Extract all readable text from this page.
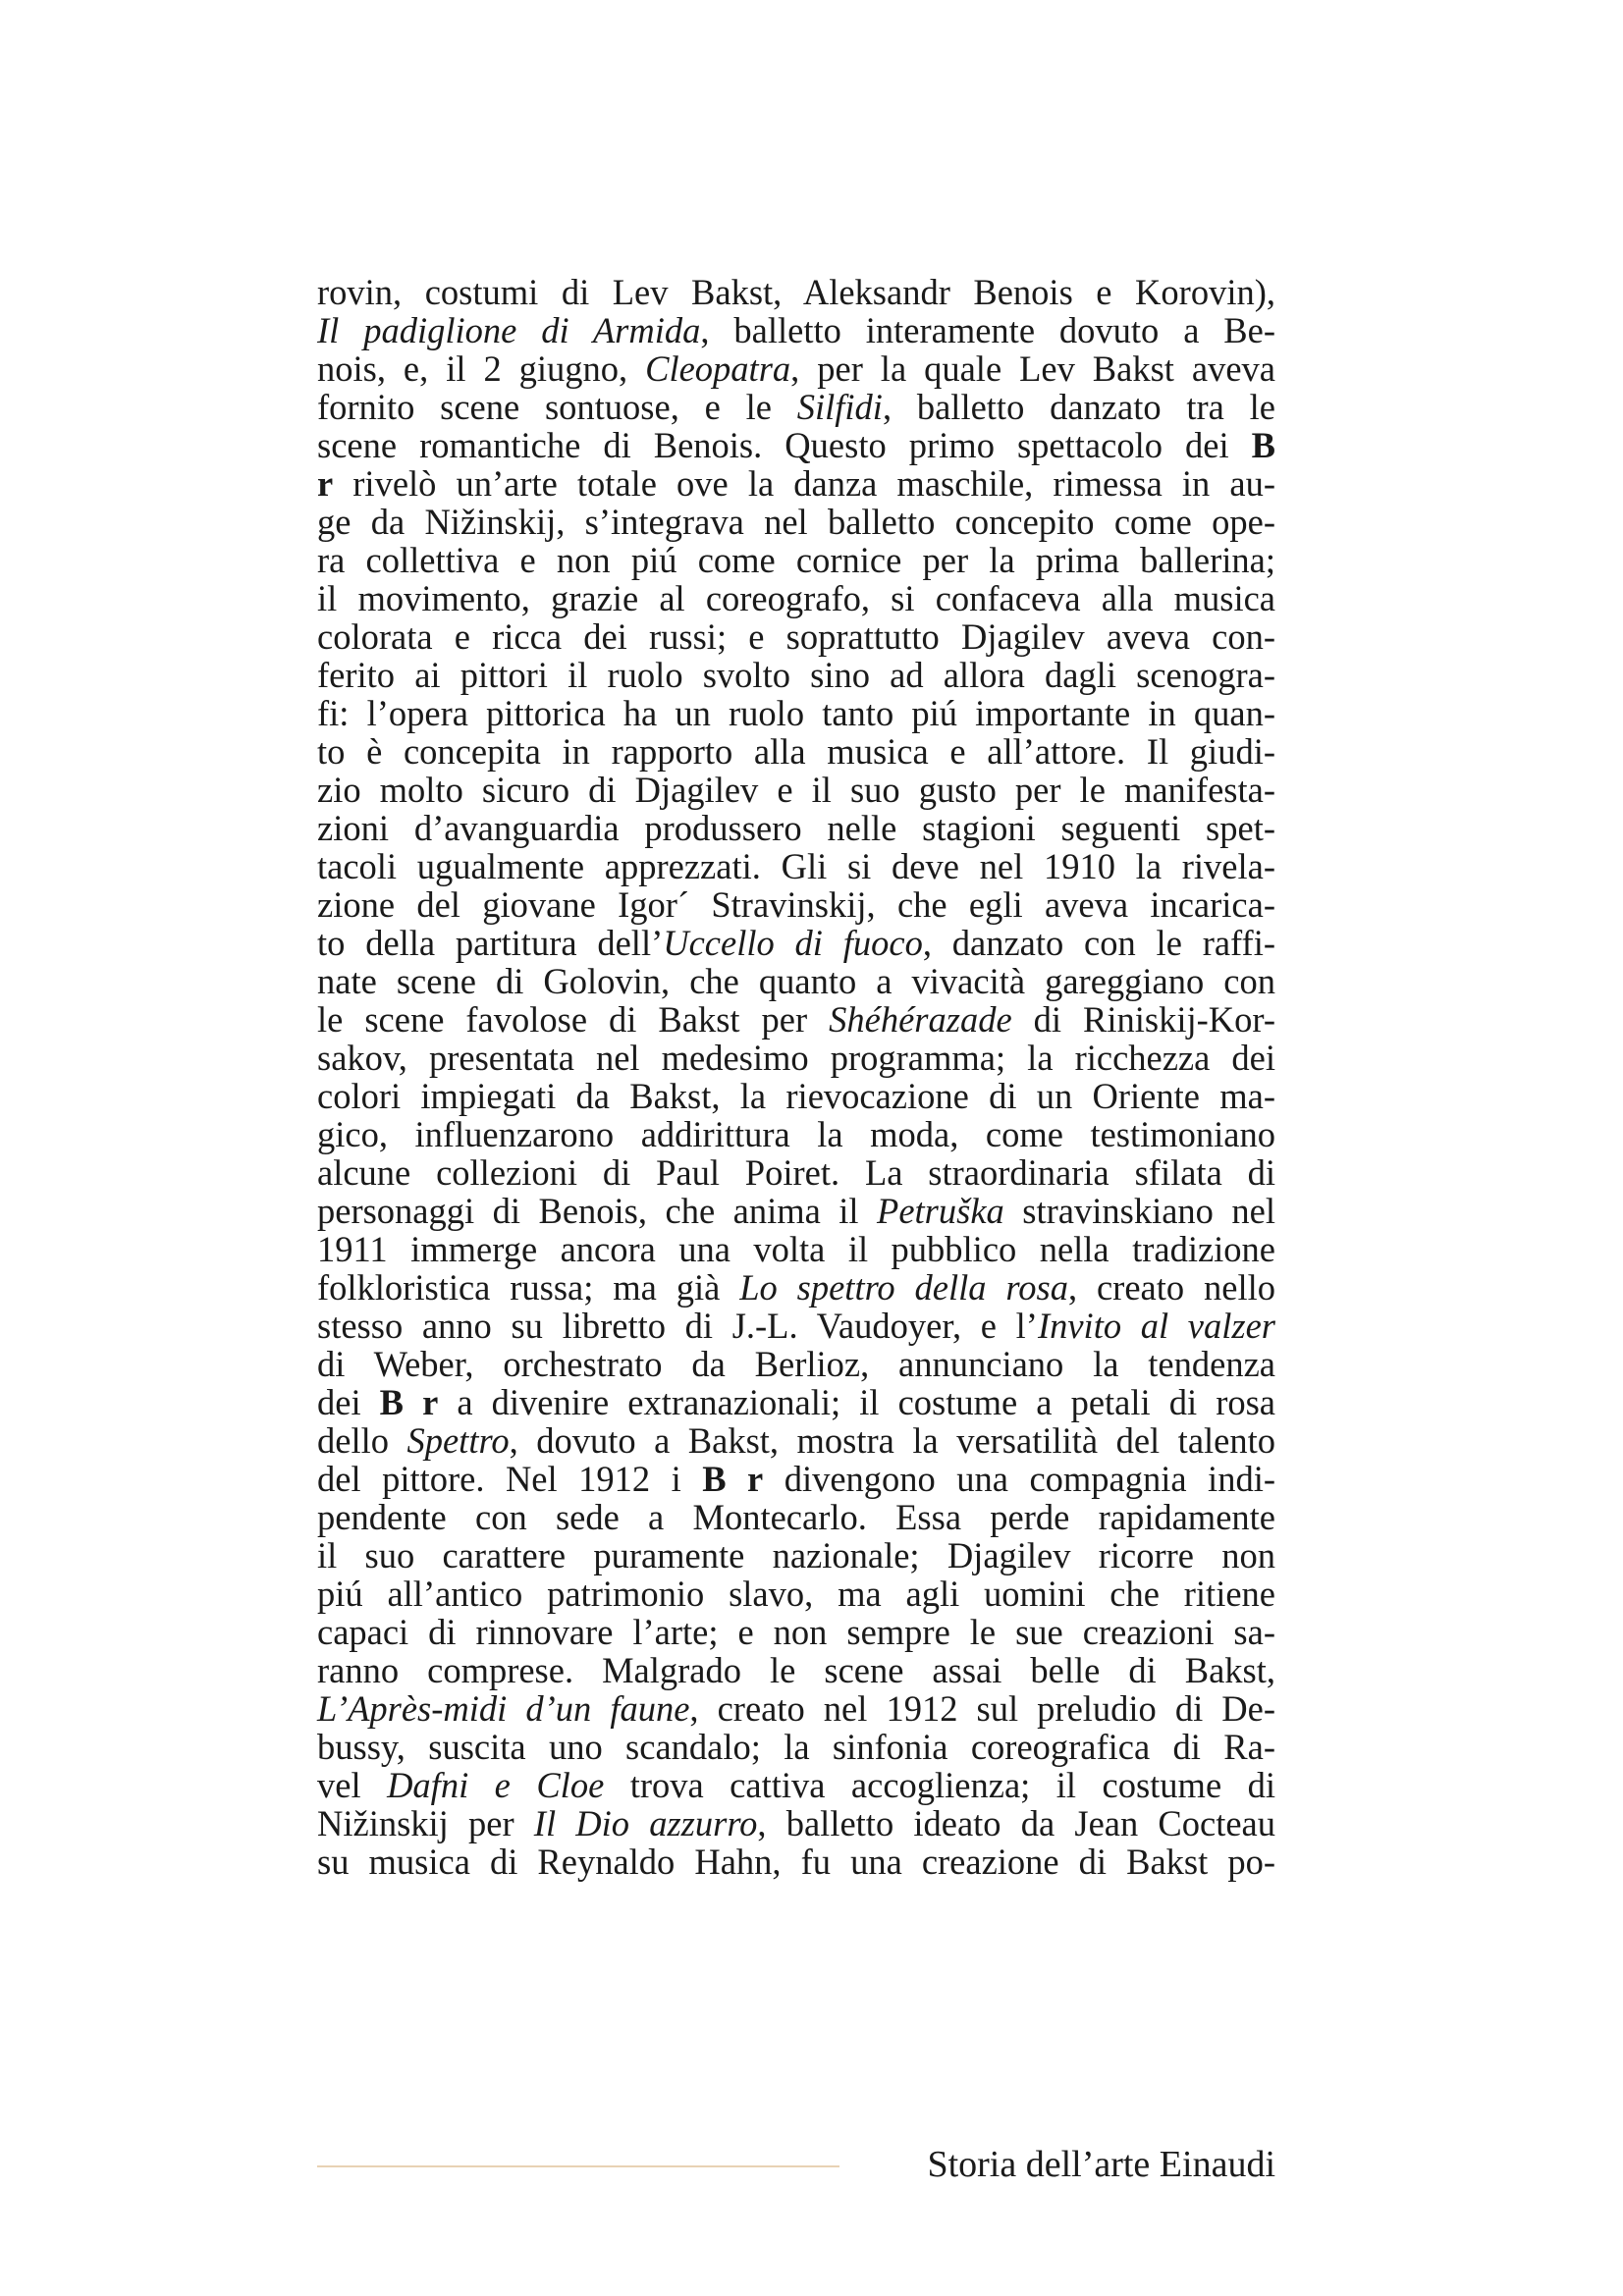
rovin, costumi di Lev Bakst, Aleksandr Benois e Korovin),
Il padiglione di Armida, balletto interamente dovuto a Be-
nois, e, il 2 giugno, Cleopatra, per la quale Lev Bakst aveva
fornito scene sontuose, e le Silfidi, balletto danzato tra le
scene romantiche di Benois. Questo primo spettacolo dei B
r rivelò un’arte totale ove la danza maschile, rimessa in au-
ge da Nižinskij, s’integrava nel balletto concepito come ope-
ra collettiva e non piú come cornice per la prima ballerina;
il movimento, grazie al coreografo, si confaceva alla musica
colorata e ricca dei russi; e soprattutto Djagilev aveva con-
ferito ai pittori il ruolo svolto sino ad allora dagli scenogra-
fi: l’opera pittorica ha un ruolo tanto piú importante in quan-
to è concepita in rapporto alla musica e all’attore. Il giudi-
zio molto sicuro di Djagilev e il suo gusto per le manifesta-
zioni d’avanguardia produssero nelle stagioni seguenti spet-
tacoli ugualmente apprezzati. Gli si deve nel 1910 la rivela-
zione del giovane Igor´ Stravinskij, che egli aveva incarica-
to della partitura dell’Uccello di fuoco, danzato con le raffi-
nate scene di Golovin, che quanto a vivacità gareggiano con
le scene favolose di Bakst per Shéhérazade di Riniskij-Kor-
sakov, presentata nel medesimo programma; la ricchezza dei
colori impiegati da Bakst, la rievocazione di un Oriente ma-
gico, influenzarono addirittura la moda, come testimoniano
alcune collezioni di Paul Poiret. La straordinaria sfilata di
personaggi di Benois, che anima il Petruška stravinskiano nel
1911 immerge ancora una volta il pubblico nella tradizione
folkloristica russa; ma già Lo spettro della rosa, creato nello
stesso anno su libretto di J.-L. Vaudoyer, e l’Invito al valzer
di Weber, orchestrato da Berlioz, annunciano la tendenza
dei B r a divenire extranazionali; il costume a petali di rosa
dello Spettro, dovuto a Bakst, mostra la versatilità del talento
del pittore. Nel 1912 i B r divengono una compagnia indi-
pendente con sede a Montecarlo. Essa perde rapidamente
il suo carattere puramente nazionale; Djagilev ricorre non
piú all’antico patrimonio slavo, ma agli uomini che ritiene
capaci di rinnovare l’arte; e non sempre le sue creazioni sa-
ranno comprese. Malgrado le scene assai belle di Bakst,
L’Après-midi d’un faune, creato nel 1912 sul preludio di De-
bussy, suscita uno scandalo; la sinfonia coreografica di Ra-
vel Dafni e Cloe trova cattiva accoglienza; il costume di
Nižinskij per Il Dio azzurro, balletto ideato da Jean Cocteau
su musica di Reynaldo Hahn, fu una creazione di Bakst po-
Storia dell’arte Einaudi
